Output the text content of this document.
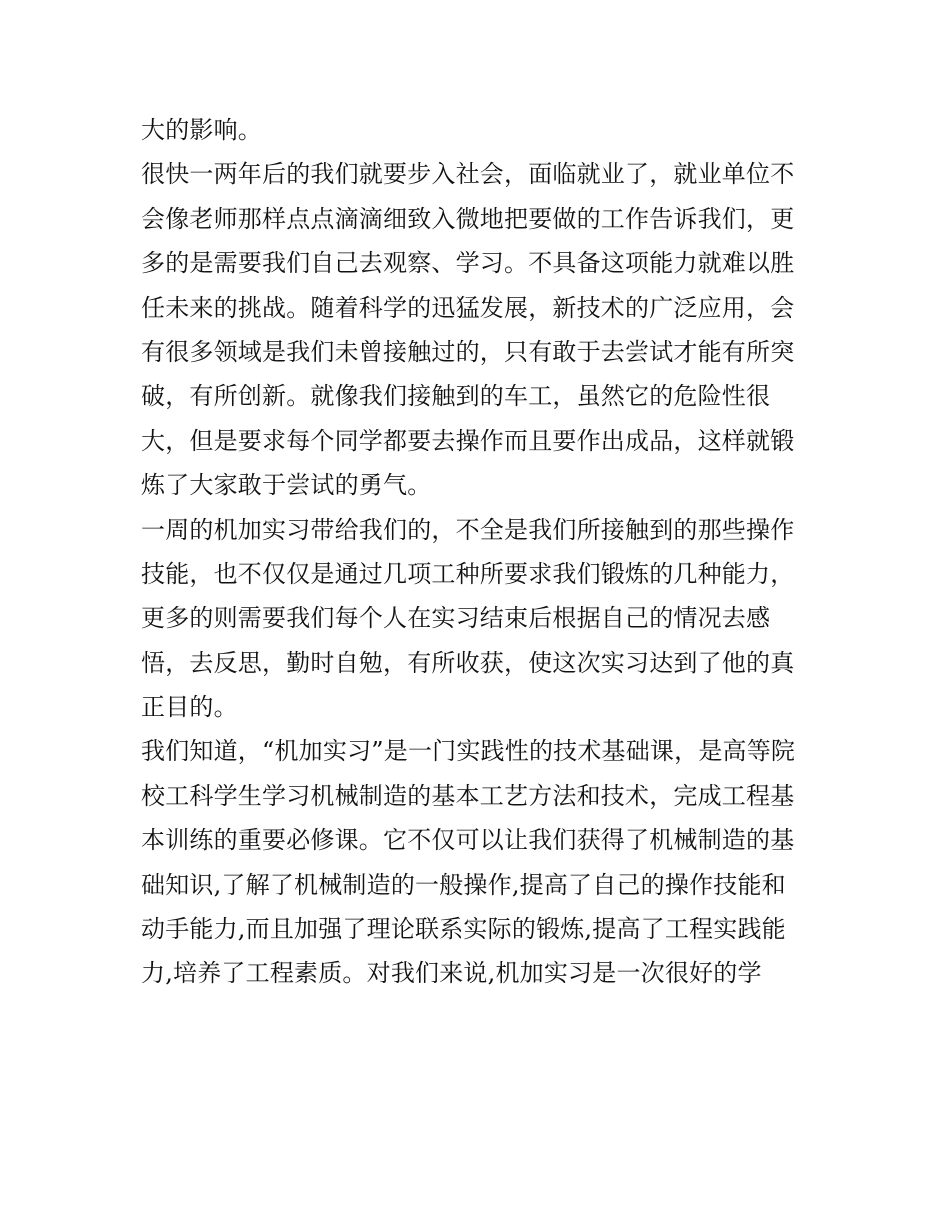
大的影响。
很快一两年后的我们就要步入社会，面临就业了，就业单位不
会像老师那样点点滴滴细致入微地把要做的工作告诉我们，更
多的是需要我们自己去观察、学习。不具备这项能力就难以胜
任未来的挑战。随着科学的迅猛发展，新技术的广泛应用，会
有很多领域是我们未曾接触过的，只有敢于去尝试才能有所突
破，有所创新。就像我们接触到的车工，虽然它的危险性很
大，但是要求每个同学都要去操作而且要作出成品，这样就锻
炼了大家敢于尝试的勇气。
一周的机加实习带给我们的，不全是我们所接触到的那些操作
技能，也不仅仅是通过几项工种所要求我们锻炼的几种能力，
更多的则需要我们每个人在实习结束后根据自己的情况去感
悟，去反思，勤时自勉，有所收获，使这次实习达到了他的真
正目的。
我们知道，“机加实习”是一门实践性的技术基础课，是高等院
校工科学生学习机械制造的基本工艺方法和技术，完成工程基
本训练的重要必修课。它不仅可以让我们获得了机械制造的基
础知识,了解了机械制造的一般操作,提高了自己的操作技能和
动手能力,而且加强了理论联系实际的锻炼,提高了工程实践能
力,培养了工程素质。对我们来说,机加实习是一次很好的学
